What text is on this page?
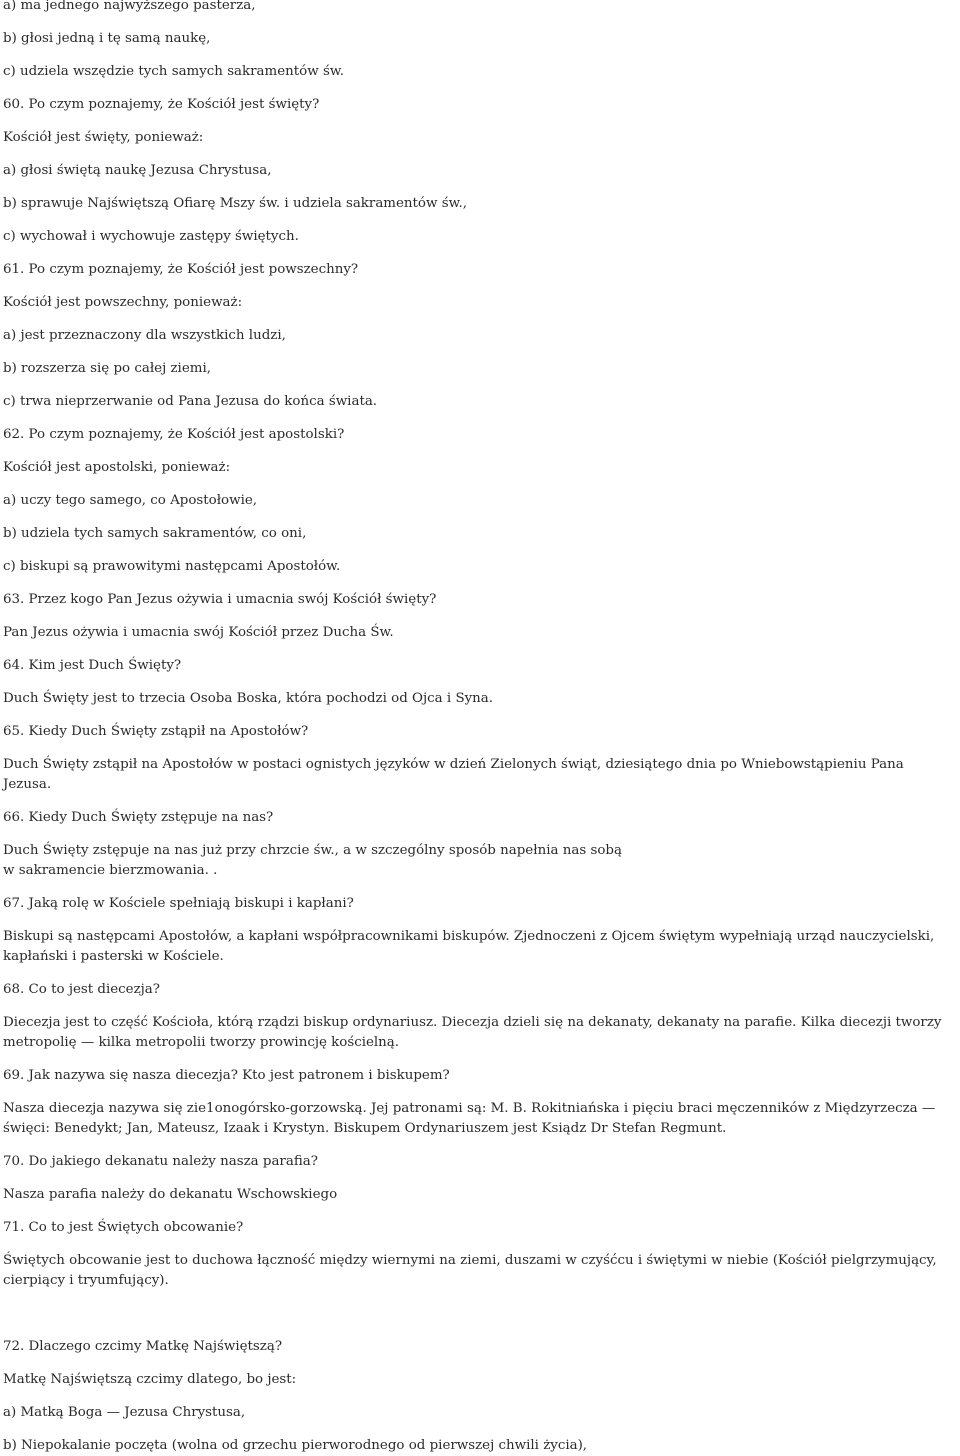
a) ma jednego najwyższego pasterza,
b) głosi jedną i tę samą naukę,
c) udziela wszędzie tych samych sakramentów św.
60. Po czym poznajemy, że Kościół jest święty?
Kościół jest święty, ponieważ:
a) głosi świętą naukę Jezusa Chrystusa,
b) sprawuje Najświętszą Ofiarę Mszy św. i udziela sakramentów św.,
c) wychował i wychowuje zastępy świętych.
61. Po czym poznajemy, że Kościół jest powszechny?
Kościół jest powszechny, ponieważ:
a) jest przeznaczony dla wszystkich ludzi,
b) rozszerza się po całej ziemi,
c) trwa nieprzerwanie od Pana Jezusa do końca świata.
62. Po czym poznajemy, że Kościół jest apostolski?
Kościół jest apostolski, ponieważ:
a) uczy tego samego, co Apostołowie,
b) udziela tych samych sakramentów, co oni,
c) biskupi są prawowitymi następcami Apostołów.
63. Przez kogo Pan Jezus ożywia i umacnia swój Kościół święty?
Pan Jezus ożywia i umacnia swój Kościół przez Ducha Św.
64. Kim jest Duch Święty?
Duch Święty jest to trzecia Osoba Boska, która pochodzi od Ojca i Syna.
65. Kiedy Duch Święty zstąpił na Apostołów?
Duch Święty zstąpił na Apostołów w postaci ognistych języków w dzień Zielonych świąt, dziesiątego dnia po Wniebowstąpieniu Pana Jezusa.
66. Kiedy Duch Święty zstępuje na nas?
Duch Święty zstępuje na nas już przy chrzcie św., a w szczególny sposób napełnia nas sobą
w sakramencie bierzmowania. .
67. Jaką rolę w Kościele spełniają biskupi i kapłani?
Biskupi są następcami Apostołów, a kapłani współpracownikami biskupów. Zjednoczeni z Ojcem świętym wypełniają urząd nauczycielski, kapłański i pasterski w Kościele.
68. Co to jest diecezja?
Diecezja jest to część Kościoła, którą rządzi biskup ordynariusz. Diecezja dzieli się na dekanaty, dekanaty na parafie. Kilka diecezji tworzy metropolię — kilka metropolii tworzy prowincję kościelną.
69. Jak nazywa się nasza diecezja? Kto jest patronem i biskupem?
Nasza diecezja nazywa się zie1onogórsko-gorzowską. Jej patronami są: M. B. Rokitniańska i pięciu braci męczenników z Międzyrzecza — święci: Benedykt; Jan, Mateusz, Izaak i Krystyn. Biskupem Ordynariuszem jest Ksiądz Dr Stefan Regmunt.
70. Do jakiego dekanatu należy nasza parafia?
Nasza parafia należy do dekanatu Wschowskiego
71. Co to jest Świętych obcowanie?
Świętych obcowanie jest to duchowa łączność między wiernymi na ziemi, duszami w czyśćcu i świętymi w niebie (Kościół pielgrzymujący, cierpiący i tryumfujący).
72. Dlaczego czcimy Matkę Najświętszą?
Matkę Najświętszą czcimy dlatego, bo jest:
a) Matką Boga — Jezusa Chrystusa,
b) Niepokalanie poczęta (wolna od grzechu pierworodnego od pierwszej chwili życia),
